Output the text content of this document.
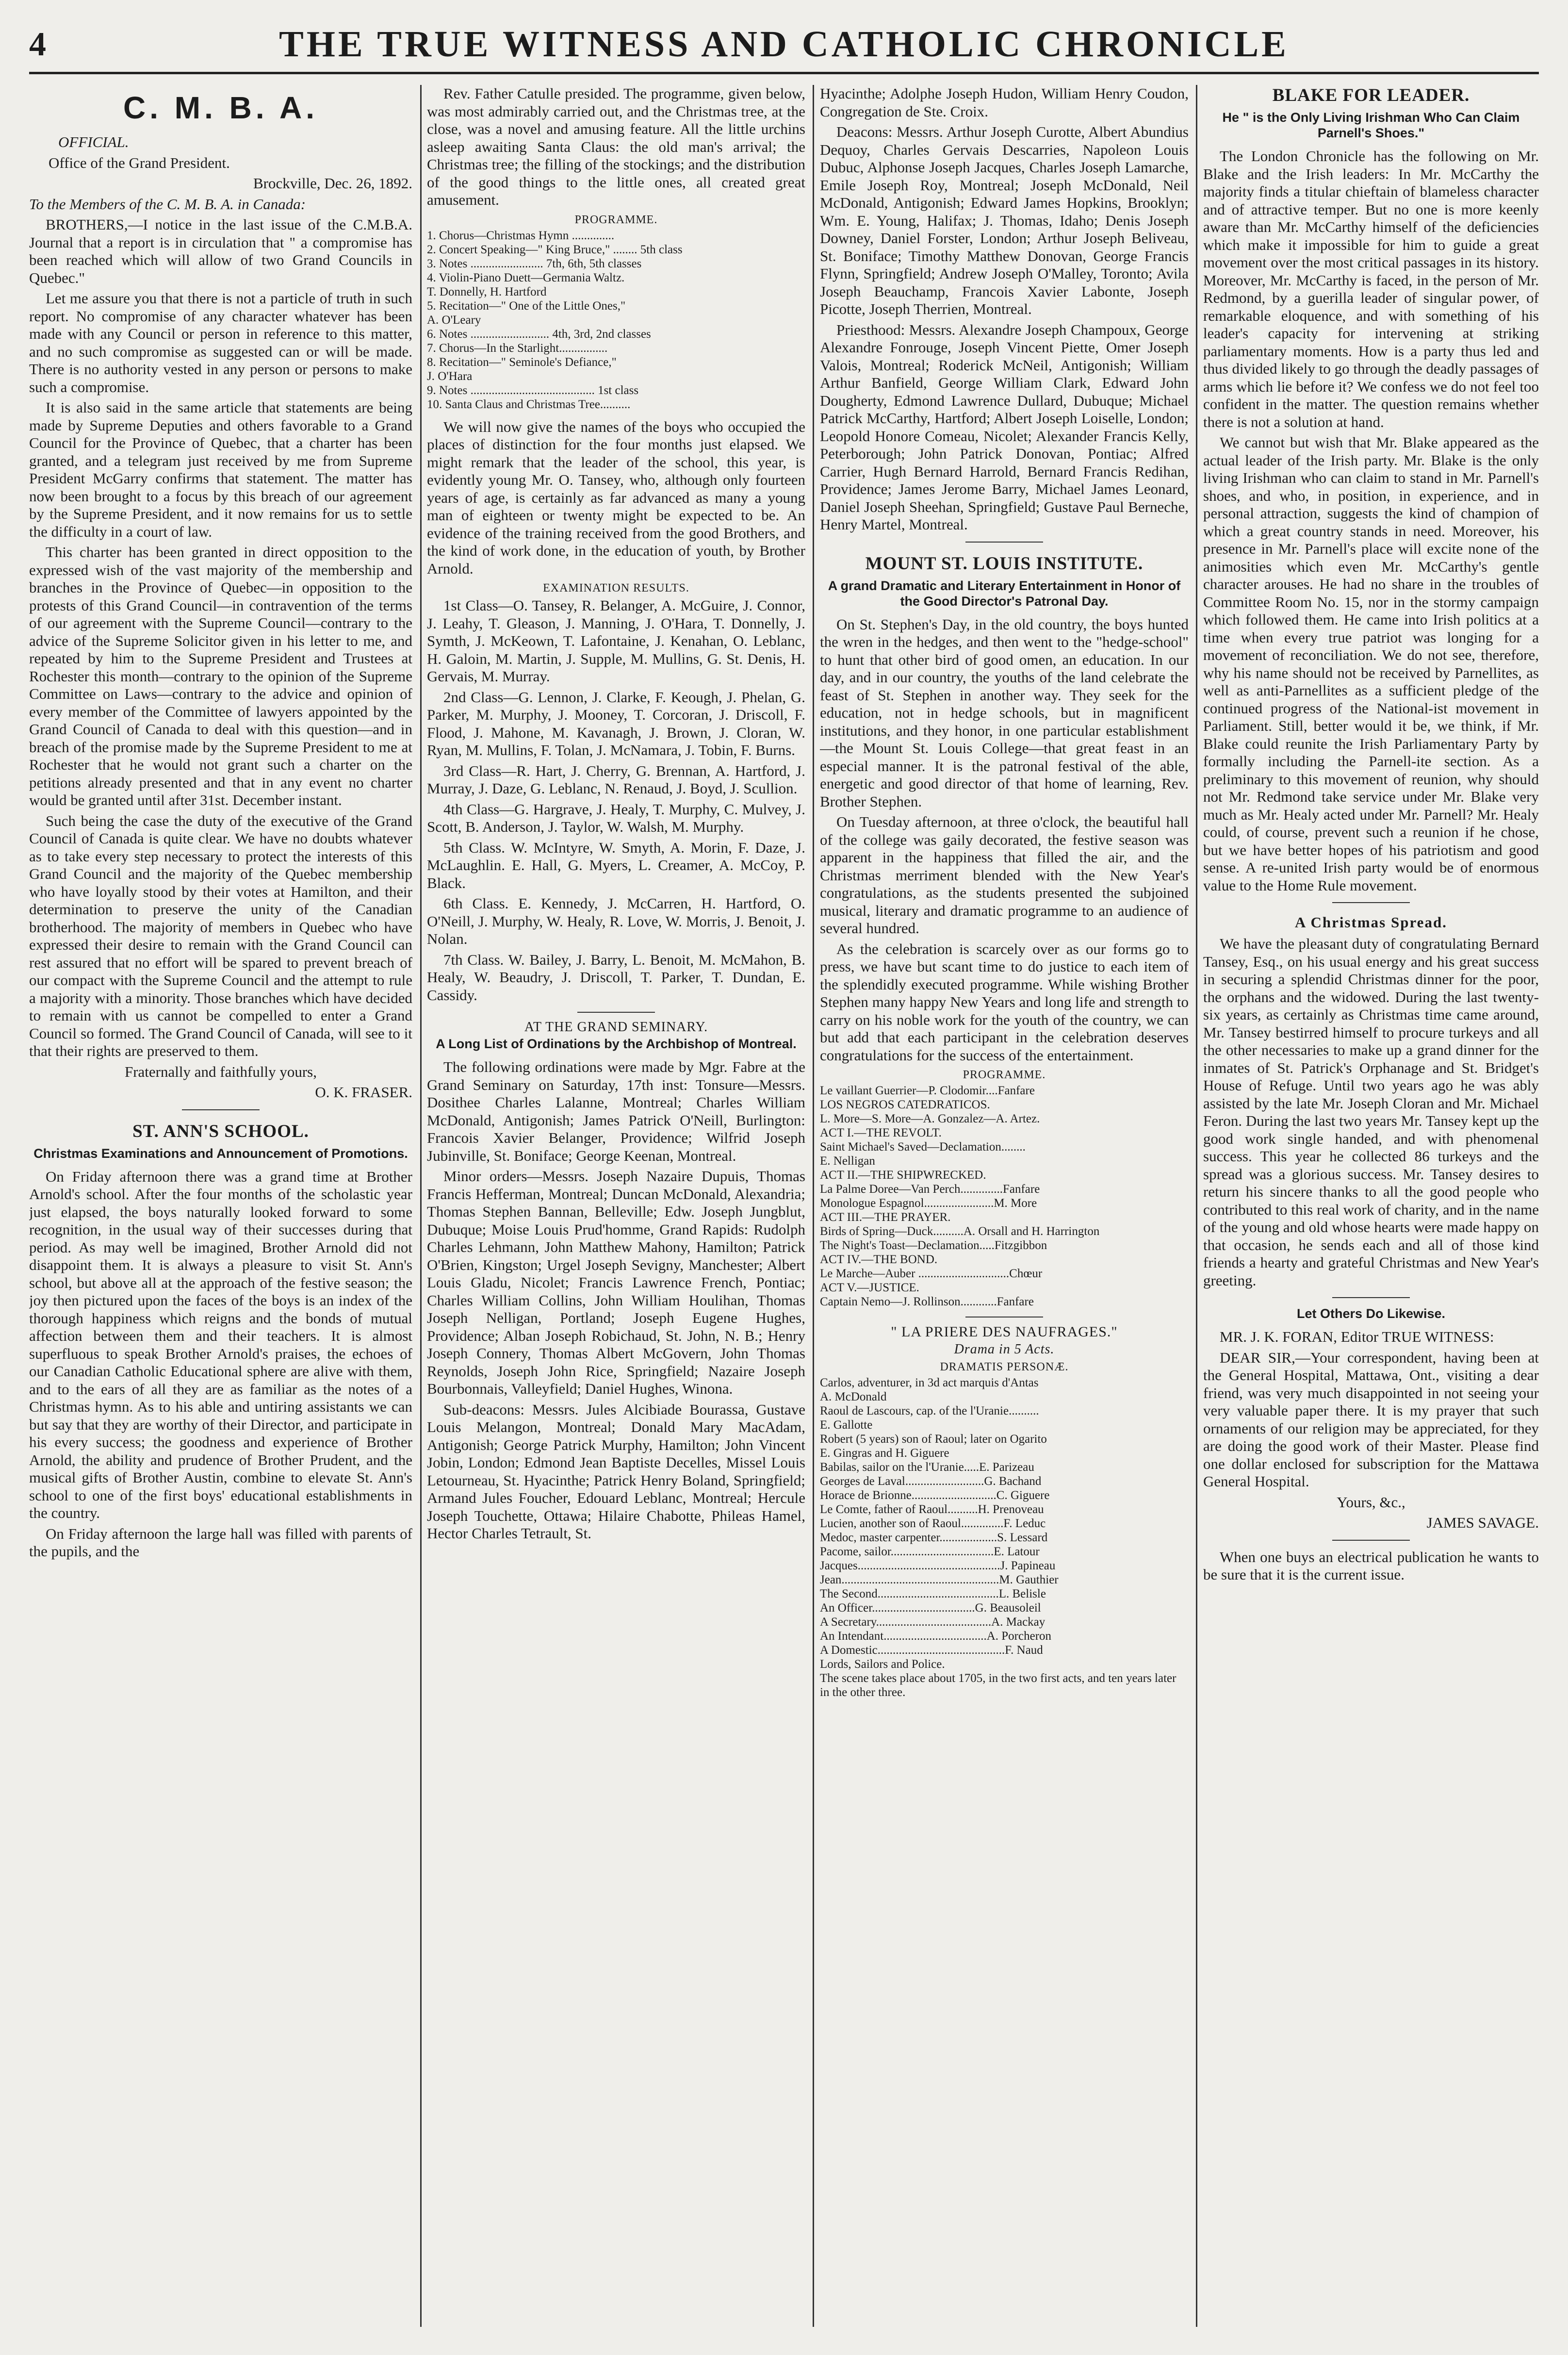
4	THE TRUE WITNESS AND CATHOLIC CHRONICLE
C. M. B. A.

OFFICIAL.

Office of the Grand President.

Brockville, Dec. 26, 1892.

To the Members of the C. M. B. A. in Canada:

BROTHERS,—I notice in the last issue of the C.M.B.A. Journal that a report is in circulation that " a compromise has been reached which will allow of two Grand Councils in Quebec."

Let me assure you that there is not a particle of truth in such report. No compromise of any character whatever has been made with any Council or person in reference to this matter, and no such compromise as suggested can or will be made. There is no authority vested in any person or persons to make such a compromise.

It is also said in the same article that statements are being made by Supreme Deputies and others favorable to a Grand Council for the Province of Quebec, that a charter has been granted, and a telegram just received by me from Supreme President McGarry confirms that statement. The matter has now been brought to a focus by this breach of our agreement by the Supreme President, and it now remains for us to settle the difficulty in a court of law.

This charter has been granted in direct opposition to the expressed wish of the vast majority of the membership and branches in the Province of Quebec—in opposition to the protests of this Grand Council—in contravention of the terms of our agreement with the Supreme Council—contrary to the advice of the Supreme Solicitor given in his letter to me, and repeated by him to the Supreme President and Trustees at Rochester this month—contrary to the opinion of the Supreme Committee on Laws—contrary to the advice and opinion of every member of the Committee of lawyers appointed by the Grand Council of Canada to deal with this question—and in breach of the promise made by the Supreme President to me at Rochester that he would not grant such a charter on the petitions already presented and that in any event no charter would be granted until after 31st. December instant.

Such being the case the duty of the executive of the Grand Council of Canada is quite clear. We have no doubts whatever as to take every step necessary to protect the interests of this Grand Council and the majority of the Quebec membership who have loyally stood by their votes at Hamilton, and their determination to preserve the unity of the Canadian brotherhood. The majority of members in Quebec who have expressed their desire to remain with the Grand Council can rest assured that no effort will be spared to prevent breach of our compact with the Supreme Council and the attempt to rule a majority with a minority. Those branches which have decided to remain with us cannot be compelled to enter a Grand Council so formed. The Grand Council of Canada, will see to it that their rights are preserved to them.

Fraternally and faithfully yours,

O. K. FRASER.

ST. ANN'S SCHOOL.
Christmas Examinations and Announcement of Promotions.

On Friday afternoon there was a grand time at Brother Arnold's school. After the four months of the scholastic year just elapsed, the boys naturally looked forward to some recognition, in the usual way of their successes during that period. As may well be imagined, Brother Arnold did not disappoint them. It is always a pleasure to visit St. Ann's school, but above all at the approach of the festive season; the joy then pictured upon the faces of the boys is an index of the thorough happiness which reigns and the bonds of mutual affection between them and their teachers. It is almost superfluous to speak Brother Arnold's praises, the echoes of our Canadian Catholic Educational sphere are alive with them, and to the ears of all they are as familiar as the notes of a Christmas hymn. As to his able and untiring assistants we can but say that they are worthy of their Director, and participate in his every success; the goodness and experience of Brother Arnold, the ability and prudence of Brother Prudent, and the musical gifts of Brother Austin, combine to elevate St. Ann's school to one of the first boys' educational establishments in the country.

On Friday afternoon the large hall was filled with parents of the pupils, and the

Rev. Father Catulle presided. The programme, given below, was most admirably carried out, and the Christmas tree, at the close, was a novel and amusing feature. All the little urchins asleep awaiting Santa Claus: the old man's arrival; the Christmas tree; the filling of the stockings; and the distribution of the good things to the little ones, all created great amusement.

PROGRAMME.
1. Chorus—Christmas Hymn ..............
2. Concert Speaking—" King Bruce," ........ 5th class
3. Notes ........................ 7th, 6th, 5th classes
4. Violin-Piano Duett—Germania Waltz.
T. Donnelly, H. Hartford
5. Recitation—" One of the Little Ones,"
A. O'Leary
6. Notes .......................... 4th, 3rd, 2nd classes
7. Chorus—In the Starlight................
8. Recitation—" Seminole's Defiance,"
J. O'Hara
9. Notes ......................................... 1st class
10. Santa Claus and Christmas Tree..........

We will now give the names of the boys who occupied the places of distinction for the four months just elapsed. We might remark that the leader of the school, this year, is evidently young Mr. O. Tansey, who, although only fourteen years of age, is certainly as far advanced as many a young man of eighteen or twenty might be expected to be. An evidence of the training received from the good Brothers, and the kind of work done, in the education of youth, by Brother Arnold.

EXAMINATION RESULTS.

1st Class—O. Tansey, R. Belanger, A. McGuire, J. Connor, J. Leahy, T. Gleason, J. Manning, J. O'Hara, T. Donnelly, J. Symth, J. McKeown, T. Lafontaine, J. Kenahan, O. Leblanc, H. Galoin, M. Martin, J. Supple, M. Mullins, G. St. Denis, H. Gervais, M. Murray.

2nd Class—G. Lennon, J. Clarke, F. Keough, J. Phelan, G. Parker, M. Murphy, J. Mooney, T. Corcoran, J. Driscoll, F. Flood, J. Mahone, M. Kavanagh, J. Brown, J. Cloran, W. Ryan, M. Mullins, F. Tolan, J. McNamara, J. Tobin, F. Burns.

3rd Class—R. Hart, J. Cherry, G. Brennan, A. Hartford, J. Murray, J. Daze, G. Leblanc, N. Renaud, J. Boyd, J. Scullion.

4th Class—G. Hargrave, J. Healy, T. Murphy, C. Mulvey, J. Scott, B. Anderson, J. Taylor, W. Walsh, M. Murphy.

5th Class. W. McIntyre, W. Smyth, A. Morin, F. Daze, J. McLaughlin. E. Hall, G. Myers, L. Creamer, A. McCoy, P. Black.

6th Class. E. Kennedy, J. McCarren, H. Hartford, O. O'Neill, J. Murphy, W. Healy, R. Love, W. Morris, J. Benoit, J. Nolan.

7th Class. W. Bailey, J. Barry, L. Benoit, M. McMahon, B. Healy, W. Beaudry, J. Driscoll, T. Parker, T. Dundan, E. Cassidy.

AT THE GRAND SEMINARY.
A Long List of Ordinations by the Archbishop of Montreal.

The following ordinations were made by Mgr. Fabre at the Grand Seminary on Saturday, 17th inst: Tonsure—Messrs. Dosithee Charles Lalanne, Montreal; Charles William McDonald, Antigonish; James Patrick O'Neill, Burlington: Francois Xavier Belanger, Providence; Wilfrid Joseph Jubinville, St. Boniface; George Keenan, Montreal.

Minor orders—Messrs. Joseph Nazaire Dupuis, Thomas Francis Hefferman, Montreal; Duncan McDonald, Alexandria; Thomas Stephen Bannan, Belleville; Edw. Joseph Jungblut, Dubuque; Moise Louis Prud'homme, Grand Rapids: Rudolph Charles Lehmann, John Matthew Mahony, Hamilton; Patrick O'Brien, Kingston; Urgel Joseph Sevigny, Manchester; Albert Louis Gladu, Nicolet; Francis Lawrence French, Pontiac; Charles William Collins, John William Houlihan, Thomas Joseph Nelligan, Portland; Joseph Eugene Hughes, Providence; Alban Joseph Robichaud, St. John, N. B.; Henry Joseph Connery, Thomas Albert McGovern, John Thomas Reynolds, Joseph John Rice, Springfield; Nazaire Joseph Bourbonnais, Valleyfield; Daniel Hughes, Winona.

Sub-deacons: Messrs. Jules Alcibiade Bourassa, Gustave Louis Melangon, Montreal; Donald Mary MacAdam, Antigonish; George Patrick Murphy, Hamilton; John Vincent Jobin, London; Edmond Jean Baptiste Decelles, Missel Louis Letourneau, St. Hyacinthe; Patrick Henry Boland, Springfield; Armand Jules Foucher, Edouard Leblanc, Montreal; Hercule Joseph Touchette, Ottawa; Hilaire Chabotte, Phileas Hamel, Hector Charles Tetrault, St.

Hyacinthe; Adolphe Joseph Hudon, William Henry Coudon, Congregation de Ste. Croix.

Deacons: Messrs. Arthur Joseph Curotte, Albert Abundius Dequoy, Charles Gervais Descarries, Napoleon Louis Dubuc, Alphonse Joseph Jacques, Charles Joseph Lamarche, Emile Joseph Roy, Montreal; Joseph McDonald, Neil McDonald, Antigonish; Edward James Hopkins, Brooklyn; Wm. E. Young, Halifax; J. Thomas, Idaho; Denis Joseph Downey, Daniel Forster, London; Arthur Joseph Beliveau, St. Boniface; Timothy Matthew Donovan, George Francis Flynn, Springfield; Andrew Joseph O'Malley, Toronto; Avila Joseph Beauchamp, Francois Xavier Labonte, Joseph Picotte, Joseph Therrien, Montreal.

Priesthood: Messrs. Alexandre Joseph Champoux, George Alexandre Fonrouge, Joseph Vincent Piette, Omer Joseph Valois, Montreal; Roderick McNeil, Antigonish; William Arthur Banfield, George William Clark, Edward John Dougherty, Edmond Lawrence Dullard, Dubuque; Michael Patrick McCarthy, Hartford; Albert Joseph Loiselle, London; Leopold Honore Comeau, Nicolet; Alexander Francis Kelly, Peterborough; John Patrick Donovan, Pontiac; Alfred Carrier, Hugh Bernard Harrold, Bernard Francis Redihan, Providence; James Jerome Barry, Michael James Leonard, Daniel Joseph Sheehan, Springfield; Gustave Paul Berneche, Henry Martel, Montreal.

MOUNT ST. LOUIS INSTITUTE.
A grand Dramatic and Literary Entertainment in Honor of the Good Director's Patronal Day.

On St. Stephen's Day, in the old country, the boys hunted the wren in the hedges, and then went to the "hedge-school" to hunt that other bird of good omen, an education. In our day, and in our country, the youths of the land celebrate the feast of St. Stephen in another way. They seek for the education, not in hedge schools, but in magnificent institutions, and they honor, in one particular establishment—the Mount St. Louis College—that great feast in an especial manner. It is the patronal festival of the able, energetic and good director of that home of learning, Rev. Brother Stephen.

On Tuesday afternoon, at three o'clock, the beautiful hall of the college was gaily decorated, the festive season was apparent in the happiness that filled the air, and the Christmas merriment blended with the New Year's congratulations, as the students presented the subjoined musical, literary and dramatic programme to an audience of several hundred.

As the celebration is scarcely over as our forms go to press, we have but scant time to do justice to each item of the splendidly executed programme. While wishing Brother Stephen many happy New Years and long life and strength to carry on his noble work for the youth of the country, we can but add that each participant in the celebration deserves congratulations for the success of the entertainment.

PROGRAMME.
Le vaillant Guerrier—P. Clodomir....Fanfare
LOS NEGROS CATEDRATICOS.
L. More—S. More—A. Gonzalez—A. Artez.
ACT I.—THE REVOLT.
Saint Michael's Saved—Declamation........
E. Nelligan
ACT II.—THE SHIPWRECKED.
La Palme Doree—Van Perch..............Fanfare
Monologue Espagnol.......................M. More
ACT III.—THE PRAYER.
Birds of Spring—Duck..........A. Orsall and H. Harrington
The Night's Toast—Declamation.....Fitzgibbon
ACT IV.—THE BOND.
Le Marche—Auber ..............................Chœur
ACT V.—JUSTICE.
Captain Nemo—J. Rollinson............Fanfare
" LA PRIERE DES NAUFRAGES."
Drama in 5 Acts.
DRAMATIS PERSONÆ.
Carlos, adventurer, in 3d act marquis d'Antas
A. McDonald
Raoul de Lascours, cap. of the l'Uranie..........
E. Gallotte
Robert (5 years) son of Raoul; later on Ogarito
E. Gingras and H. Giguere
Babilas, sailor on the l'Uranie.....E. Parizeau
Georges de Laval..........................G. Bachand
Horace de Brionne............................C. Giguere
Le Comte, father of Raoul..........H. Prenoveau
Lucien, another son of Raoul..............F. Leduc
Medoc, master carpenter...................S. Lessard
Pacome, sailor..................................E. Latour
Jacques...............................................J. Papineau
Jean....................................................M. Gauthier
The Second........................................L. Belisle
An Officer..................................G. Beausoleil
A Secretary......................................A. Mackay
An Intendant..................................A. Porcheron
A Domestic..........................................F. Naud
Lords, Sailors and Police.
The scene takes place about 1705, in the two first acts, and ten years later in the other three.
BLAKE FOR LEADER.
He " is the Only Living Irishman Who Can Claim Parnell's Shoes."

The London Chronicle has the following on Mr. Blake and the Irish leaders: In Mr. McCarthy the majority finds a titular chieftain of blameless character and of attractive temper. But no one is more keenly aware than Mr. McCarthy himself of the deficiencies which make it impossible for him to guide a great movement over the most critical passages in its history. Moreover, Mr. McCarthy is faced, in the person of Mr. Redmond, by a guerilla leader of singular power, of remarkable eloquence, and with something of his leader's capacity for intervening at striking parliamentary moments. How is a party thus led and thus divided likely to go through the deadly passages of arms which lie before it? We confess we do not feel too confident in the matter. The question remains whether there is not a solution at hand.

We cannot but wish that Mr. Blake appeared as the actual leader of the Irish party. Mr. Blake is the only living Irishman who can claim to stand in Mr. Parnell's shoes, and who, in position, in experience, and in personal attraction, suggests the kind of champion of which a great country stands in need. Moreover, his presence in Mr. Parnell's place will excite none of the animosities which even Mr. McCarthy's gentle character arouses. He had no share in the troubles of Committee Room No. 15, nor in the stormy campaign which followed them. He came into Irish politics at a time when every true patriot was longing for a movement of reconciliation. We do not see, therefore, why his name should not be received by Parnellites, as well as anti-Parnellites as a sufficient pledge of the continued progress of the National-ist movement in Parliament. Still, better would it be, we think, if Mr. Blake could reunite the Irish Parliamentary Party by formally including the Parnell-ite section. As a preliminary to this movement of reunion, why should not Mr. Redmond take service under Mr. Blake very much as Mr. Healy acted under Mr. Parnell? Mr. Healy could, of course, prevent such a reunion if he chose, but we have better hopes of his patriotism and good sense. A re-united Irish party would be of enormous value to the Home Rule movement.

A Christmas Spread.

We have the pleasant duty of congratulating Bernard Tansey, Esq., on his usual energy and his great success in securing a splendid Christmas dinner for the poor, the orphans and the widowed. During the last twenty-six years, as certainly as Christmas time came around, Mr. Tansey bestirred himself to procure turkeys and all the other necessaries to make up a grand dinner for the inmates of St. Patrick's Orphanage and St. Bridget's House of Refuge. Until two years ago he was ably assisted by the late Mr. Joseph Cloran and Mr. Michael Feron. During the last two years Mr. Tansey kept up the good work single handed, and with phenomenal success. This year he collected 86 turkeys and the spread was a glorious success. Mr. Tansey desires to return his sincere thanks to all the good people who contributed to this real work of charity, and in the name of the young and old whose hearts were made happy on that occasion, he sends each and all of those kind friends a hearty and grateful Christmas and New Year's greeting.

Let Others Do Likewise.

MR. J. K. FORAN, Editor TRUE WITNESS:

DEAR SIR,—Your correspondent, having been at the General Hospital, Mattawa, Ont., visiting a dear friend, was very much disappointed in not seeing your very valuable paper there. It is my prayer that such ornaments of our religion may be appreciated, for they are doing the good work of their Master. Please find one dollar enclosed for subscription for the Mattawa General Hospital.

Yours, &c.,

JAMES SAVAGE.

When one buys an electrical publication he wants to be sure that it is the current issue.
